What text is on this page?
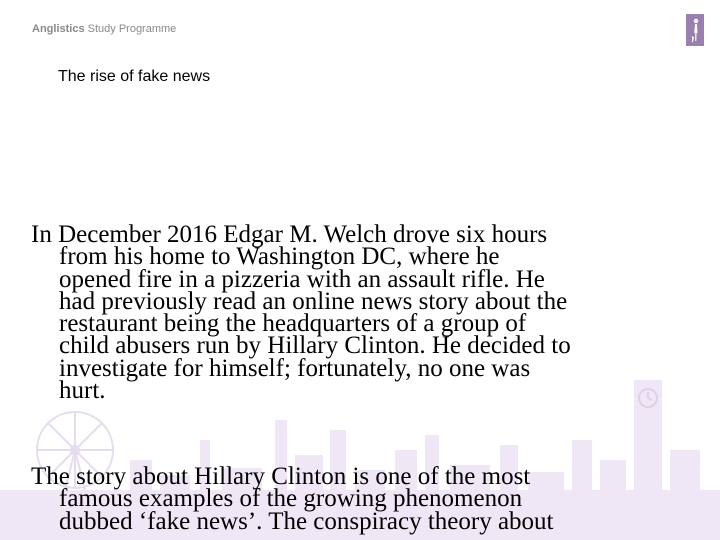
Anglistics Study Programme
The rise of fake news
In December 2016 Edgar M. Welch drove six hours
from his home to Washington DC, where he
opened fire in a pizzeria with an assault rifle. He
had previously read an online news story about the
restaurant being the headquarters of a group of
child abusers run by Hillary Clinton. He decided to
investigate for himself; fortunately, no one was
hurt.
The story about Hillary Clinton is one of the most
famous examples of the growing phenomenon
dubbed ‘fake news’. The conspiracy theory about
